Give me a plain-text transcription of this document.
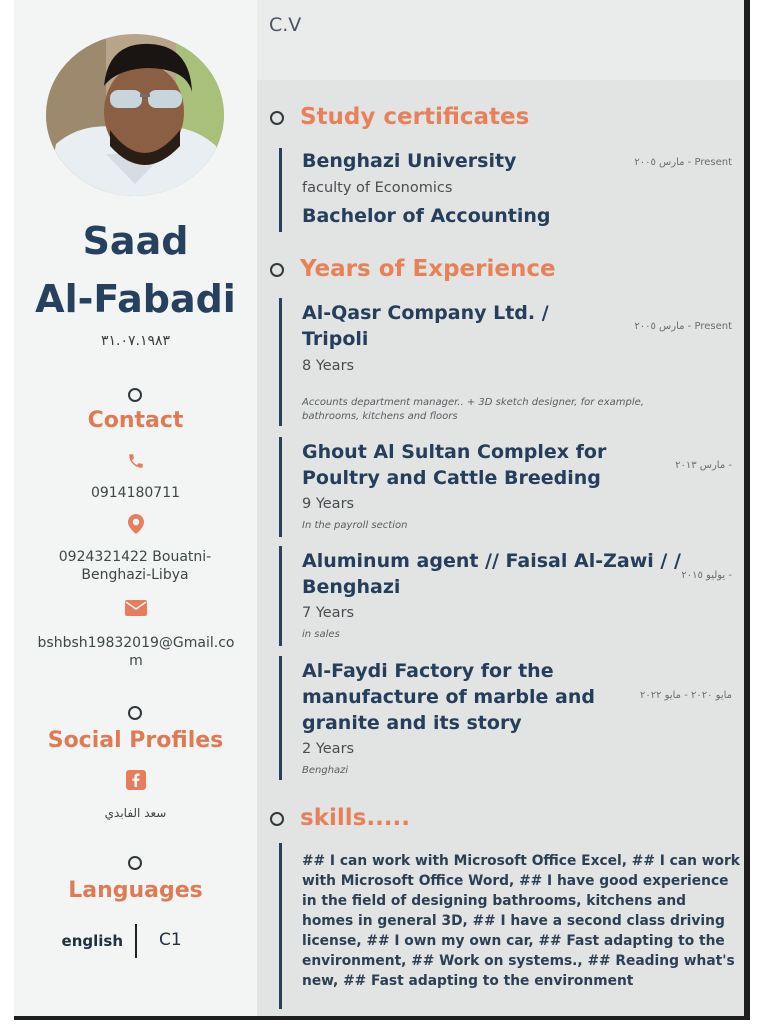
Saad
Al-Fabadi
٣١.٠٧.١٩٨٣
Contact
0914180711
0924321422 Bouatni-Benghazi-Libya
bshbsh19832019@Gmail.com
Social Profiles
سعد الفابدي
Languages
english C1
C.V
Study certificates
Benghazi University	مارس ٢٠٠٥ - Present
faculty of Economics
Bachelor of Accounting
Years of Experience
Al-Qasr Company Ltd. / Tripoli
مارس ٢٠٠٥ - Present
8 Years
Accounts department manager.. + 3D sketch designer, for example, bathrooms, kitchens and floors
Ghout Al Sultan Complex for Poultry and Cattle Breeding
مارس ٢٠١٣ -
9 Years
In the payroll section
Aluminum agent // Faisal Al-Zawi / / Benghazi
يوليو ٢٠١٥ -
7 Years
in sales
Al-Faydi Factory for the manufacture of marble and granite and its story
مايو ٢٠٢٠ - مايو ٢٠٢٢
2 Years
Benghazi
skills.....
## I can work with Microsoft Office Excel, ## I can work with Microsoft Office Word, ## I have good experience in the field of designing bathrooms, kitchens and homes in general 3D, ## I have a second class driving license, ## I own my own car, ## Fast adapting to the environment, ## Work on systems., ## Reading what's new, ## Fast adapting to the environment
